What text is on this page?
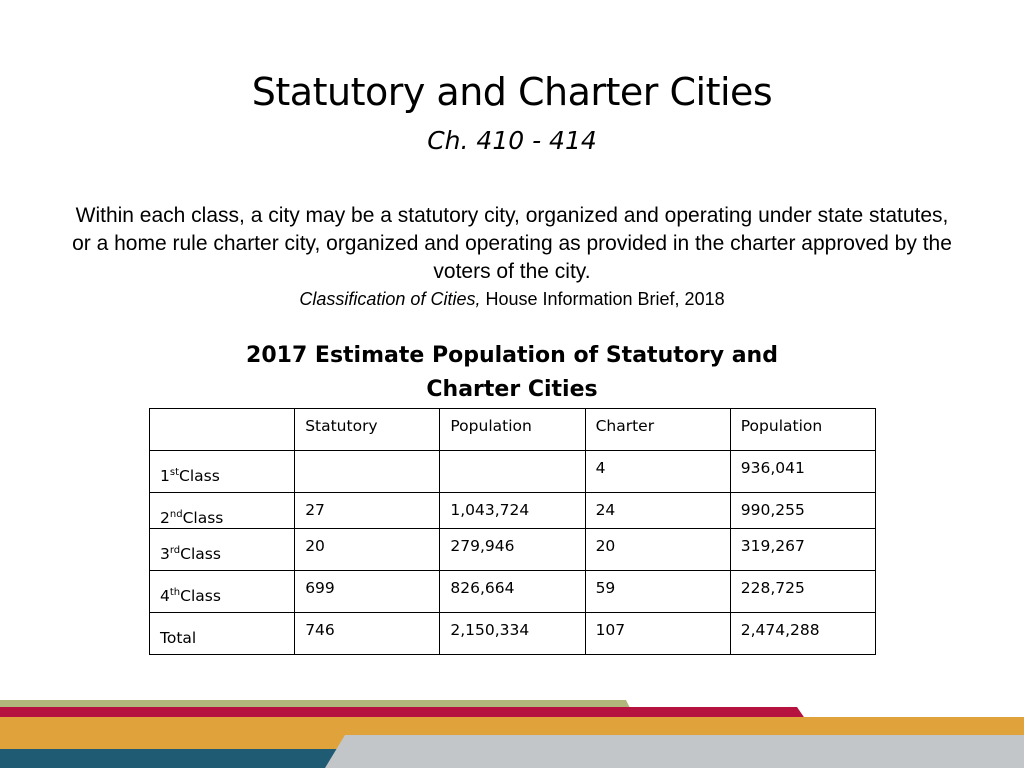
Statutory and Charter Cities
Ch. 410 - 414
Within each class, a city may be a statutory city, organized and operating under state statutes, or a home rule charter city, organized and operating as provided in the charter approved by the voters of the city.
Classification of Cities, House Information Brief, 2018
2017 Estimate Population of Statutory and Charter Cities
	Statutory	Population	Charter	Population
1stClass			4	936,041
2ndClass	27	1,043,724	24	990,255
3rdClass	20	279,946	20	319,267
4thClass	699	826,664	59	228,725
Total	746	2,150,334	107	2,474,288
